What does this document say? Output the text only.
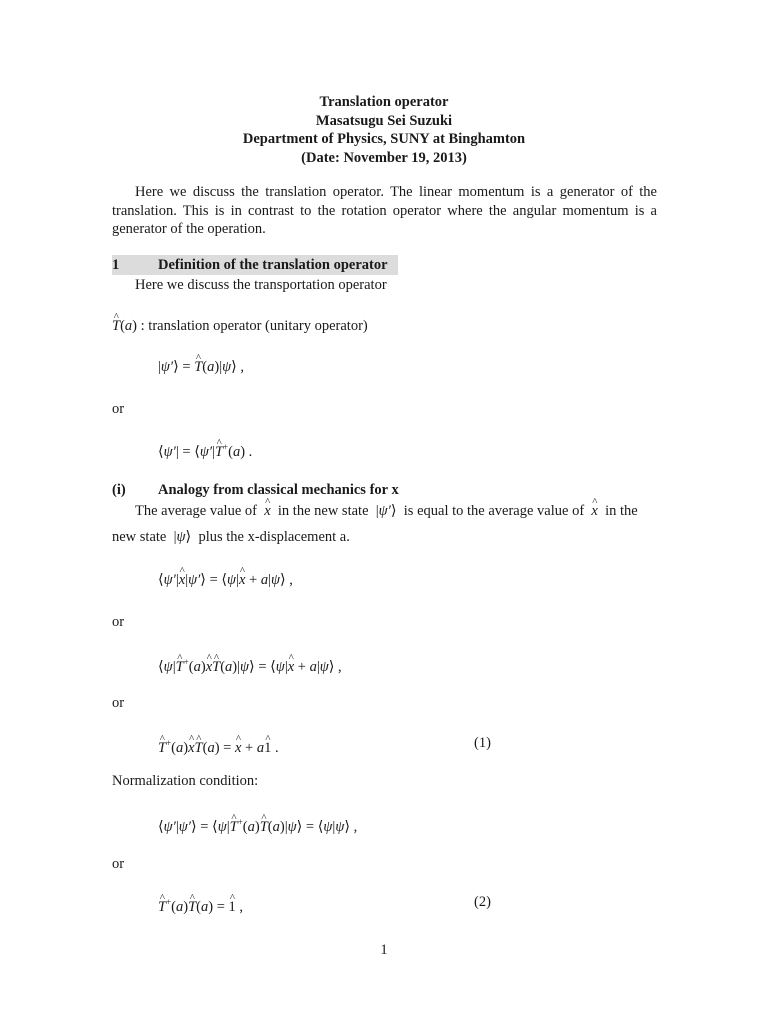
Translation operator
Masatsugu Sei Suzuki
Department of Physics, SUNY at Binghamton
(Date: November 19, 2013)
Here we discuss the translation operator. The linear momentum is a generator of the translation. This is in contrast to the rotation operator where the angular momentum is a generator of the operation.
1	Definition of the translation operator
Here we discuss the transportation operator
^ T(a) : translation operator (unitary operator)
|ψ′⟩ = ^ T(a)|ψ⟩ ,
or
⟨ψ′| = ⟨ψ′|^ T+(a) .
(i) Analogy from classical mechanics for x
The average value of ^ x in the new state |ψ′⟩ is equal to the average value of ^ x in the
new state |ψ⟩ plus the x-displacement a.
⟨ψ′|^ x|ψ′⟩ = ⟨ψ|^ x + a|ψ⟩ ,
or
⟨ψ|^ T+(a)^ x^ T(a)|ψ⟩ = ⟨ψ|^ x + a|ψ⟩ ,
or
^ T+(a)^ x^ T(a) = ^ x + a^ 1 .	(1)
Normalization condition:
⟨ψ′|ψ′⟩ = ⟨ψ|^ T+(a)^ T(a)|ψ⟩ = ⟨ψ|ψ⟩ ,
or
^ T+(a)^ T(a) = ^ 1 ,	(2)
1
